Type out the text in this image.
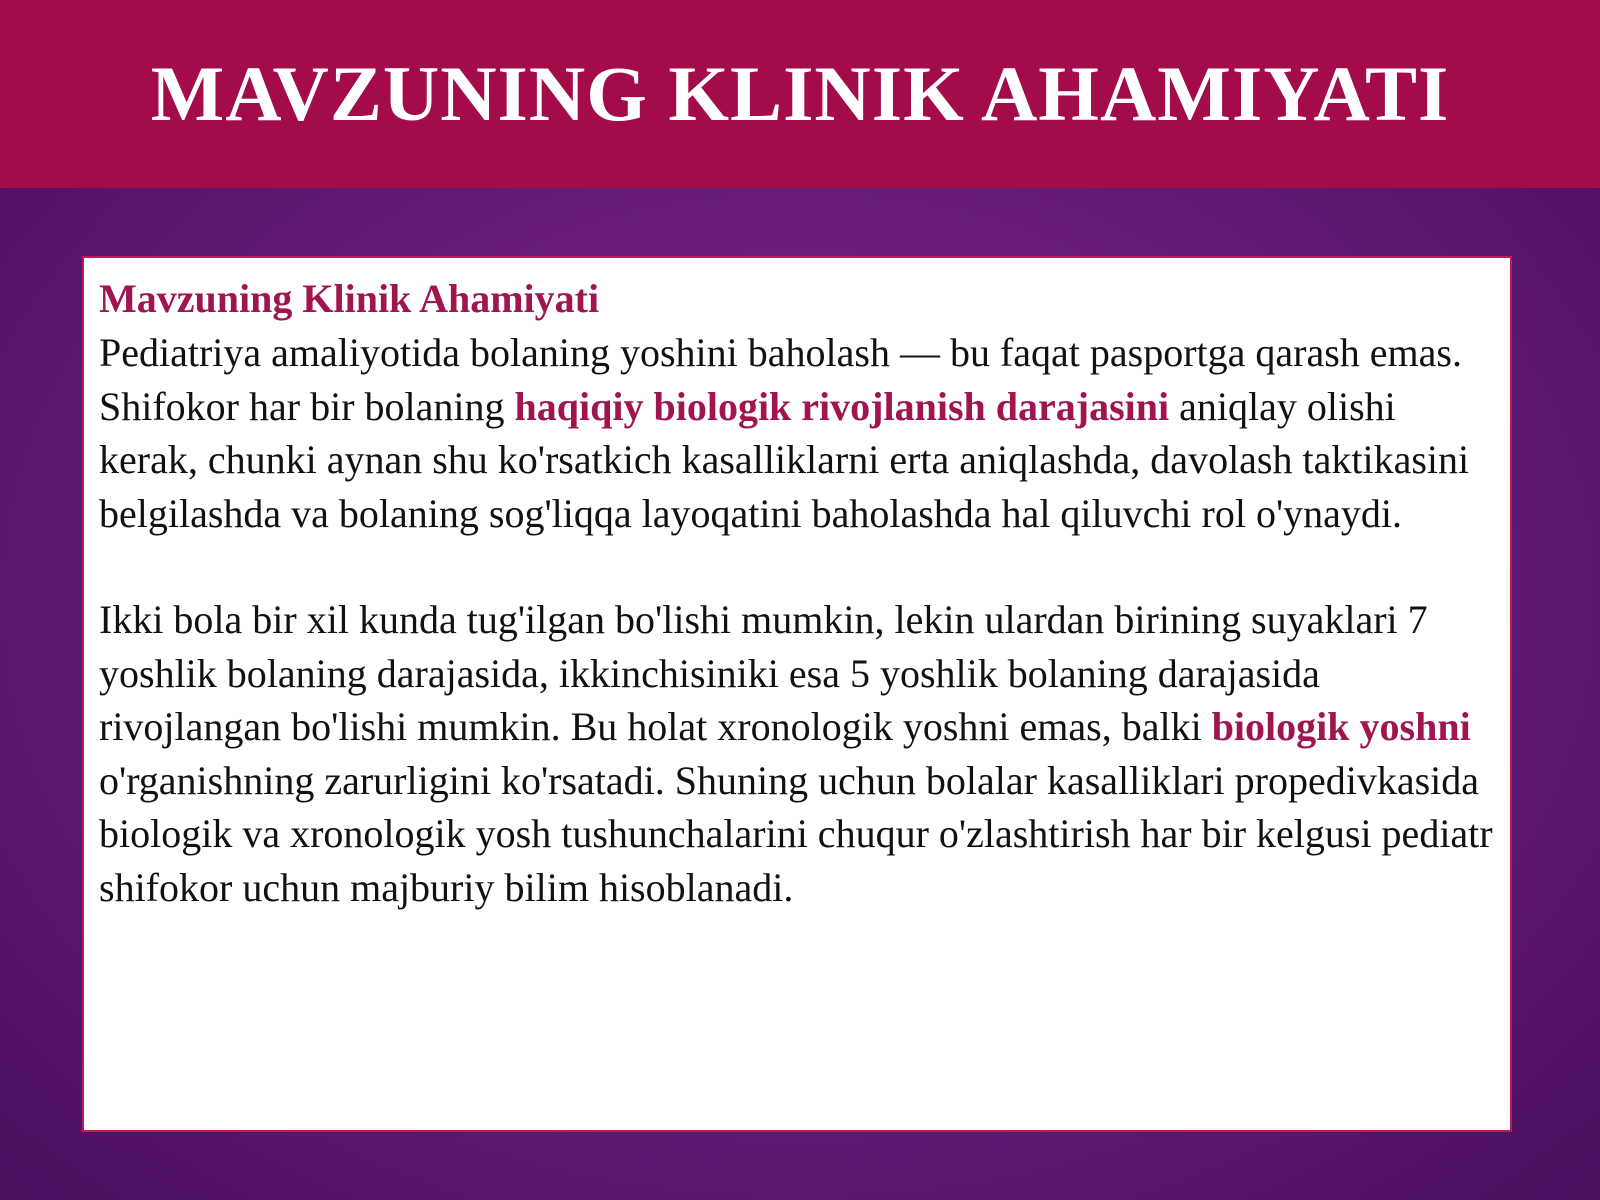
MAVZUNING KLINIK AHAMIYATI
Mavzuning Klinik Ahamiyati

Pediatriya amaliyotida bolaning yoshini baholash — bu faqat pasportga qarash emas. Shifokor har bir bolaning haqiqiy biologik rivojlanish darajasini aniqlay olishi kerak, chunki aynan shu ko'rsatkich kasalliklarni erta aniqlashda, davolash taktikasini belgilashda va bolaning sog'liqqa layoqatini baholashda hal qiluvchi rol o'ynaydi.

Ikki bola bir xil kunda tug'ilgan bo'lishi mumkin, lekin ulardan birining suyaklari 7 yoshlik bolaning darajasida, ikkinchisiniki esa 5 yoshlik bolaning darajasida rivojlangan bo'lishi mumkin. Bu holat xronologik yoshni emas, balki biologik yoshni o'rganishning zarurligini ko'rsatadi. Shuning uchun bolalar kasalliklari propedivkasida biologik va xronologik yosh tushunchalarini chuqur o'zlashtirish har bir kelgusi pediatr shifokor uchun majburiy bilim hisoblanadi.
